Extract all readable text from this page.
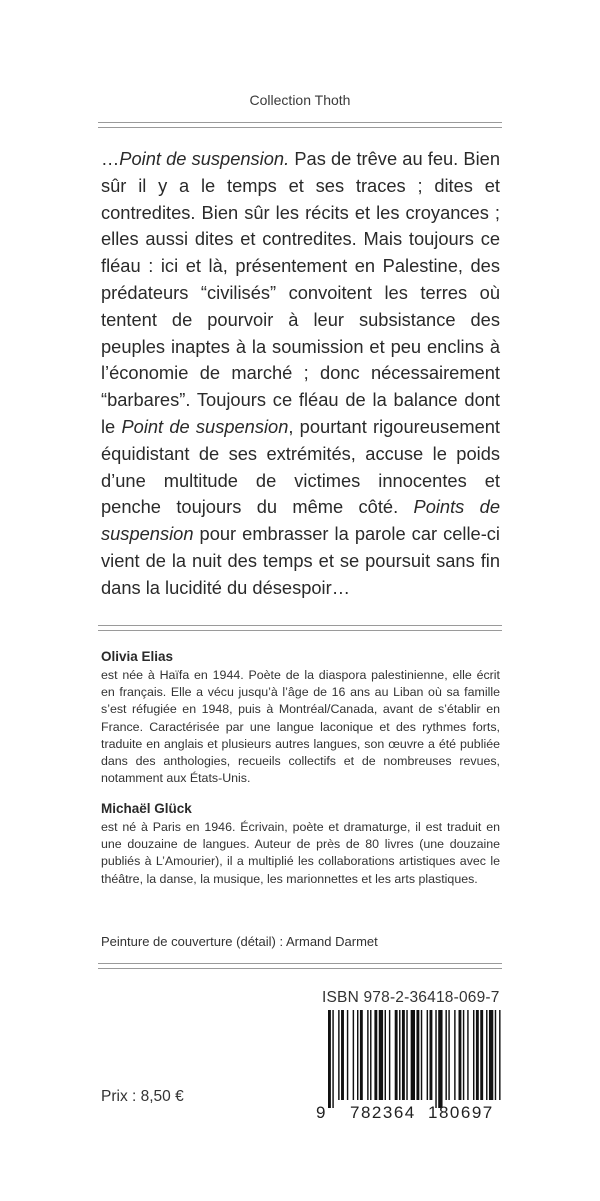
Collection Thoth

…Point de suspension. Pas de trêve au feu. Bien sûr il y a le temps et ses traces ; dites et contredites. Bien sûr les récits et les croyances ; elles aussi dites et contredites. Mais toujours ce fléau : ici et là, présentement en Palestine, des prédateurs “civilisés” convoitent les terres où tentent de pourvoir à leur subsistance des peuples inaptes à la soumission et peu enclins à l’économie de marché ; donc nécessairement “barbares”. Toujours ce fléau de la balance dont le Point de suspension, pourtant rigoureusement équidistant de ses extrémités, accuse le poids d’une multitude de victimes innocentes et penche toujours du même côté. Points de suspension pour embrasser la parole car celle-ci vient de la nuit des temps et se poursuit sans fin dans la lucidité du désespoir…

Olivia Elias

est née à Haïfa en 1944. Poète de la diaspora palestinienne, elle écrit en français. Elle a vécu jusqu’à l’âge de 16 ans au Liban où sa famille s’est réfugiée en 1948, puis à Montréal/Canada, avant de s’établir en France. Caractérisée par une langue laconique et des rythmes forts, traduite en anglais et plusieurs autres langues, son œuvre a été publiée dans des anthologies, recueils collectifs et de nombreuses revues, notamment aux États-Unis.

Michaël Glück

est né à Paris en 1946. Écrivain, poète et dramaturge, il est traduit en une douzaine de langues. Auteur de près de 80 livres (une douzaine publiés à L’Amourier), il a multiplié les collaborations artistiques avec le théâtre, la danse, la musique, les marionnettes et les arts plastiques.

Peinture de couverture (détail) : Armand Darmet
ISBN 978-2-36418-069-7
9 782364 180697
Prix : 8,50 €
